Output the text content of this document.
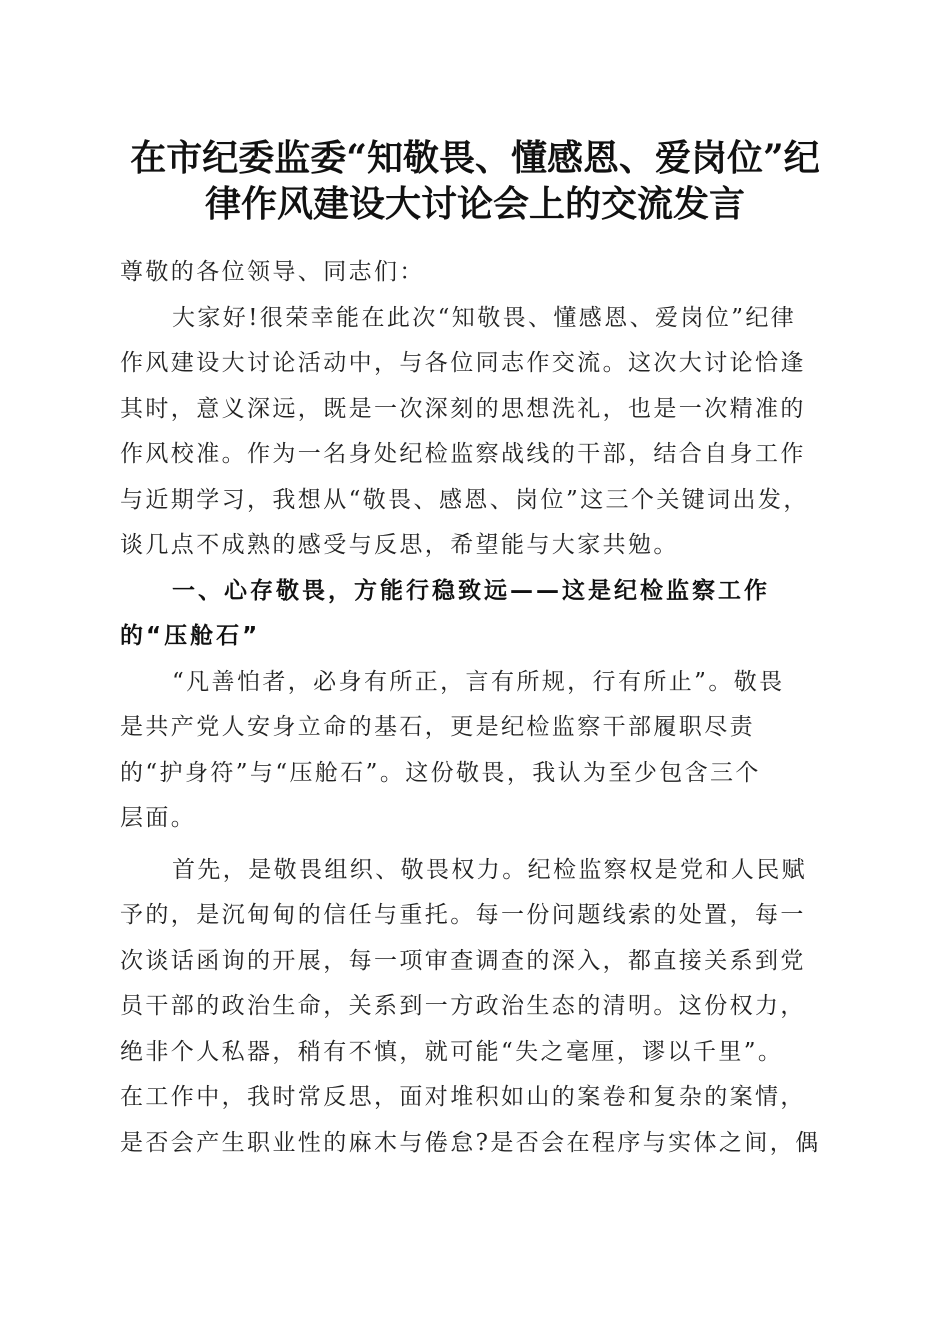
在市纪委监委“知敬畏、懂感恩、爱岗位”纪
律作风建设大讨论会上的交流发言
尊敬的各位领导、同志们：
大家好!很荣幸能在此次“知敬畏、懂感恩、爱岗位”纪律
作风建设大讨论活动中，与各位同志作交流。这次大讨论恰逢
其时，意义深远，既是一次深刻的思想洗礼，也是一次精准的
作风校准。作为一名身处纪检监察战线的干部，结合自身工作
与近期学习，我想从“敬畏、感恩、岗位”这三个关键词出发，
谈几点不成熟的感受与反思，希望能与大家共勉。
一、心存敬畏，方能行稳致远——这是纪检监察工作
的“压舱石”
“凡善怕者，必身有所正，言有所规，行有所止”。敬畏
是共产党人安身立命的基石，更是纪检监察干部履职尽责
的“护身符”与“压舱石”。这份敬畏，我认为至少包含三个
层面。
首先，是敬畏组织、敬畏权力。纪检监察权是党和人民赋
予的，是沉甸甸的信任与重托。每一份问题线索的处置，每一
次谈话函询的开展，每一项审查调查的深入，都直接关系到党
员干部的政治生命，关系到一方政治生态的清明。这份权力，
绝非个人私器，稍有不慎，就可能“失之毫厘，谬以千里”。
在工作中，我时常反思，面对堆积如山的案卷和复杂的案情，
是否会产生职业性的麻木与倦怠?是否会在程序与实体之间，偶
